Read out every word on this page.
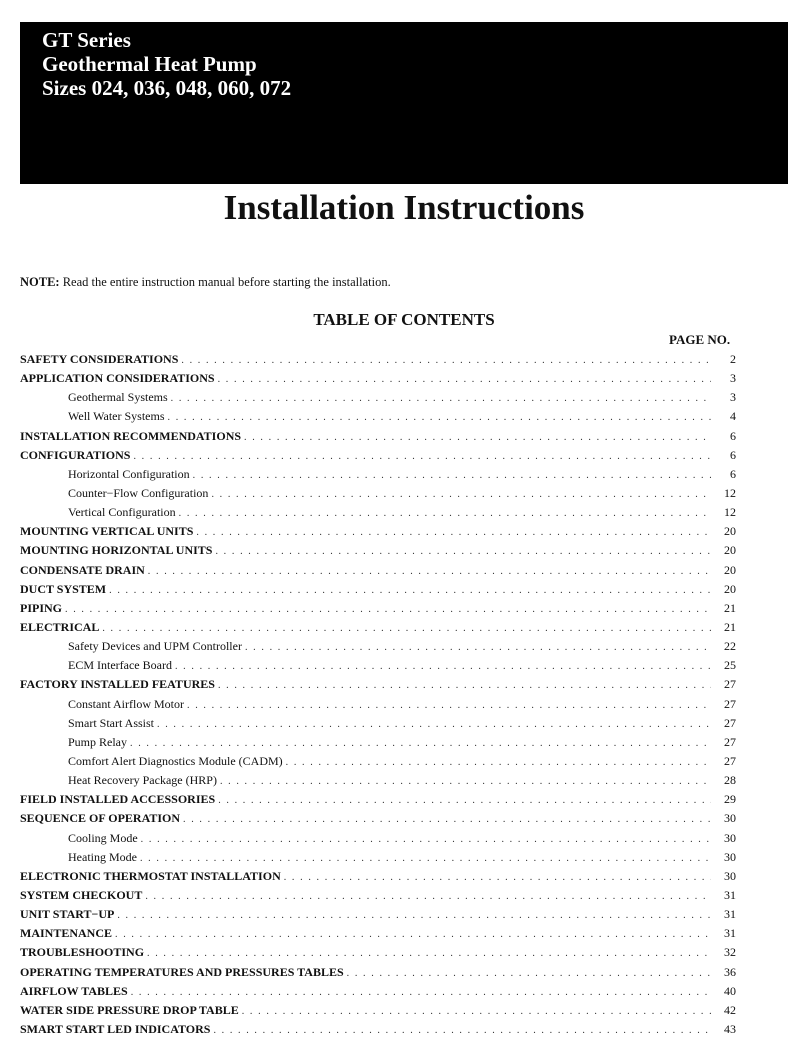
GT Series
Geothermal Heat Pump
Sizes 024, 036, 048, 060, 072
Installation Instructions
NOTE: Read the entire instruction manual before starting the installation.
TABLE OF CONTENTS
PAGE NO.
SAFETY CONSIDERATIONS . . .	2
APPLICATION CONSIDERATIONS . . .	3
Geothermal Systems . . .	3
Well Water Systems . . .	4
INSTALLATION RECOMMENDATIONS . . .	6
CONFIGURATIONS . . .	6
Horizontal Configuration . . .	6
Counter−Flow Configuration . . .	12
Vertical Configuration . . .	12
MOUNTING VERTICAL UNITS . . .	20
MOUNTING HORIZONTAL UNITS . . .	20
CONDENSATE DRAIN . . .	20
DUCT SYSTEM . . .	20
PIPING . . .	21
ELECTRICAL . . .	21
Safety Devices and UPM Controller . . .	22
ECM Interface Board . . .	25
FACTORY INSTALLED FEATURES . . .	27
Constant Airflow Motor . . .	27
Smart Start Assist . . .	27
Pump Relay . . .	27
Comfort Alert Diagnostics Module (CADM) . . .	27
Heat Recovery Package (HRP) . . .	28
FIELD INSTALLED ACCESSORIES . . .	29
SEQUENCE OF OPERATION . . .	30
Cooling Mode . . .	30
Heating Mode . . .	30
ELECTRONIC THERMOSTAT INSTALLATION . . .	30
SYSTEM CHECKOUT . . .	31
UNIT START−UP . . .	31
MAINTENANCE . . .	31
TROUBLESHOOTING . . .	32
OPERATING TEMPERATURES AND PRESSURES TABLES . . .	36
AIRFLOW TABLES . . .	40
WATER SIDE PRESSURE DROP TABLE . . .	42
SMART START LED INDICATORS . . .	43
